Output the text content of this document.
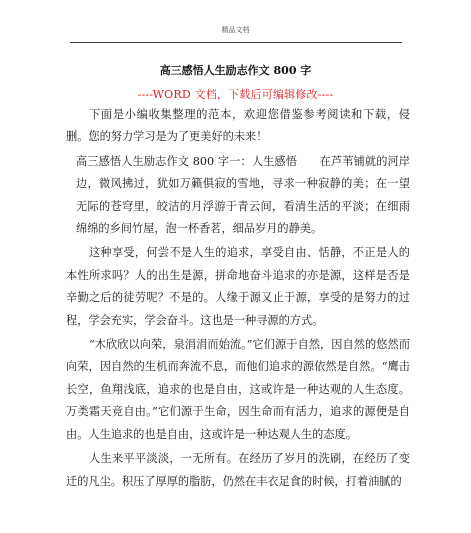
精品文档
高三感悟人生励志作文 800 字
----WORD 文档，下载后可编辑修改----

下面是小编收集整理的范本，欢迎您借鉴参考阅读和下载，侵删。您的努力学习是为了更美好的未来！

高三感悟人生励志作文 800 字一：人生感悟　　在芦苇铺就的河岸边，微风拂过，犹如万籁俱寂的雪地，寻求一种寂静的美；在一望无际的苍穹里，皎洁的月浮游于青云间，看清生活的平淡；在细雨绵绵的乡间竹屋，泡一杯香茗，细品岁月的静美。

这种享受，何尝不是人生的追求，享受自由、恬静，不正是人的本性所求吗？人的出生是源，拼命地奋斗追求的亦是源，这样是否是辛勤之后的徒劳呢？不是的。人缘于源又止于源，享受的是努力的过程，学会充实，学会奋斗。这也是一种寻源的方式。

“木欣欣以向荣，泉涓涓而始流。”它们源于自然，因自然的悠然而向荣，因自然的生机而奔流不息，而他们追求的源依然是自然。“鹰击长空，鱼翔浅底，追求的也是自由，这或许是一种达观的人生态度。万类霜天竞自由。”它们源于生命，因生命而有活力，追求的源便是自由。人生追求的也是自由，这或许是一种达观人生的态度。

人生来平平淡淡，一无所有。在经历了岁月的洗刷，在经历了变迁的凡尘。积压了厚厚的脂肪，仍然在丰衣足食的时候，打着油腻的
